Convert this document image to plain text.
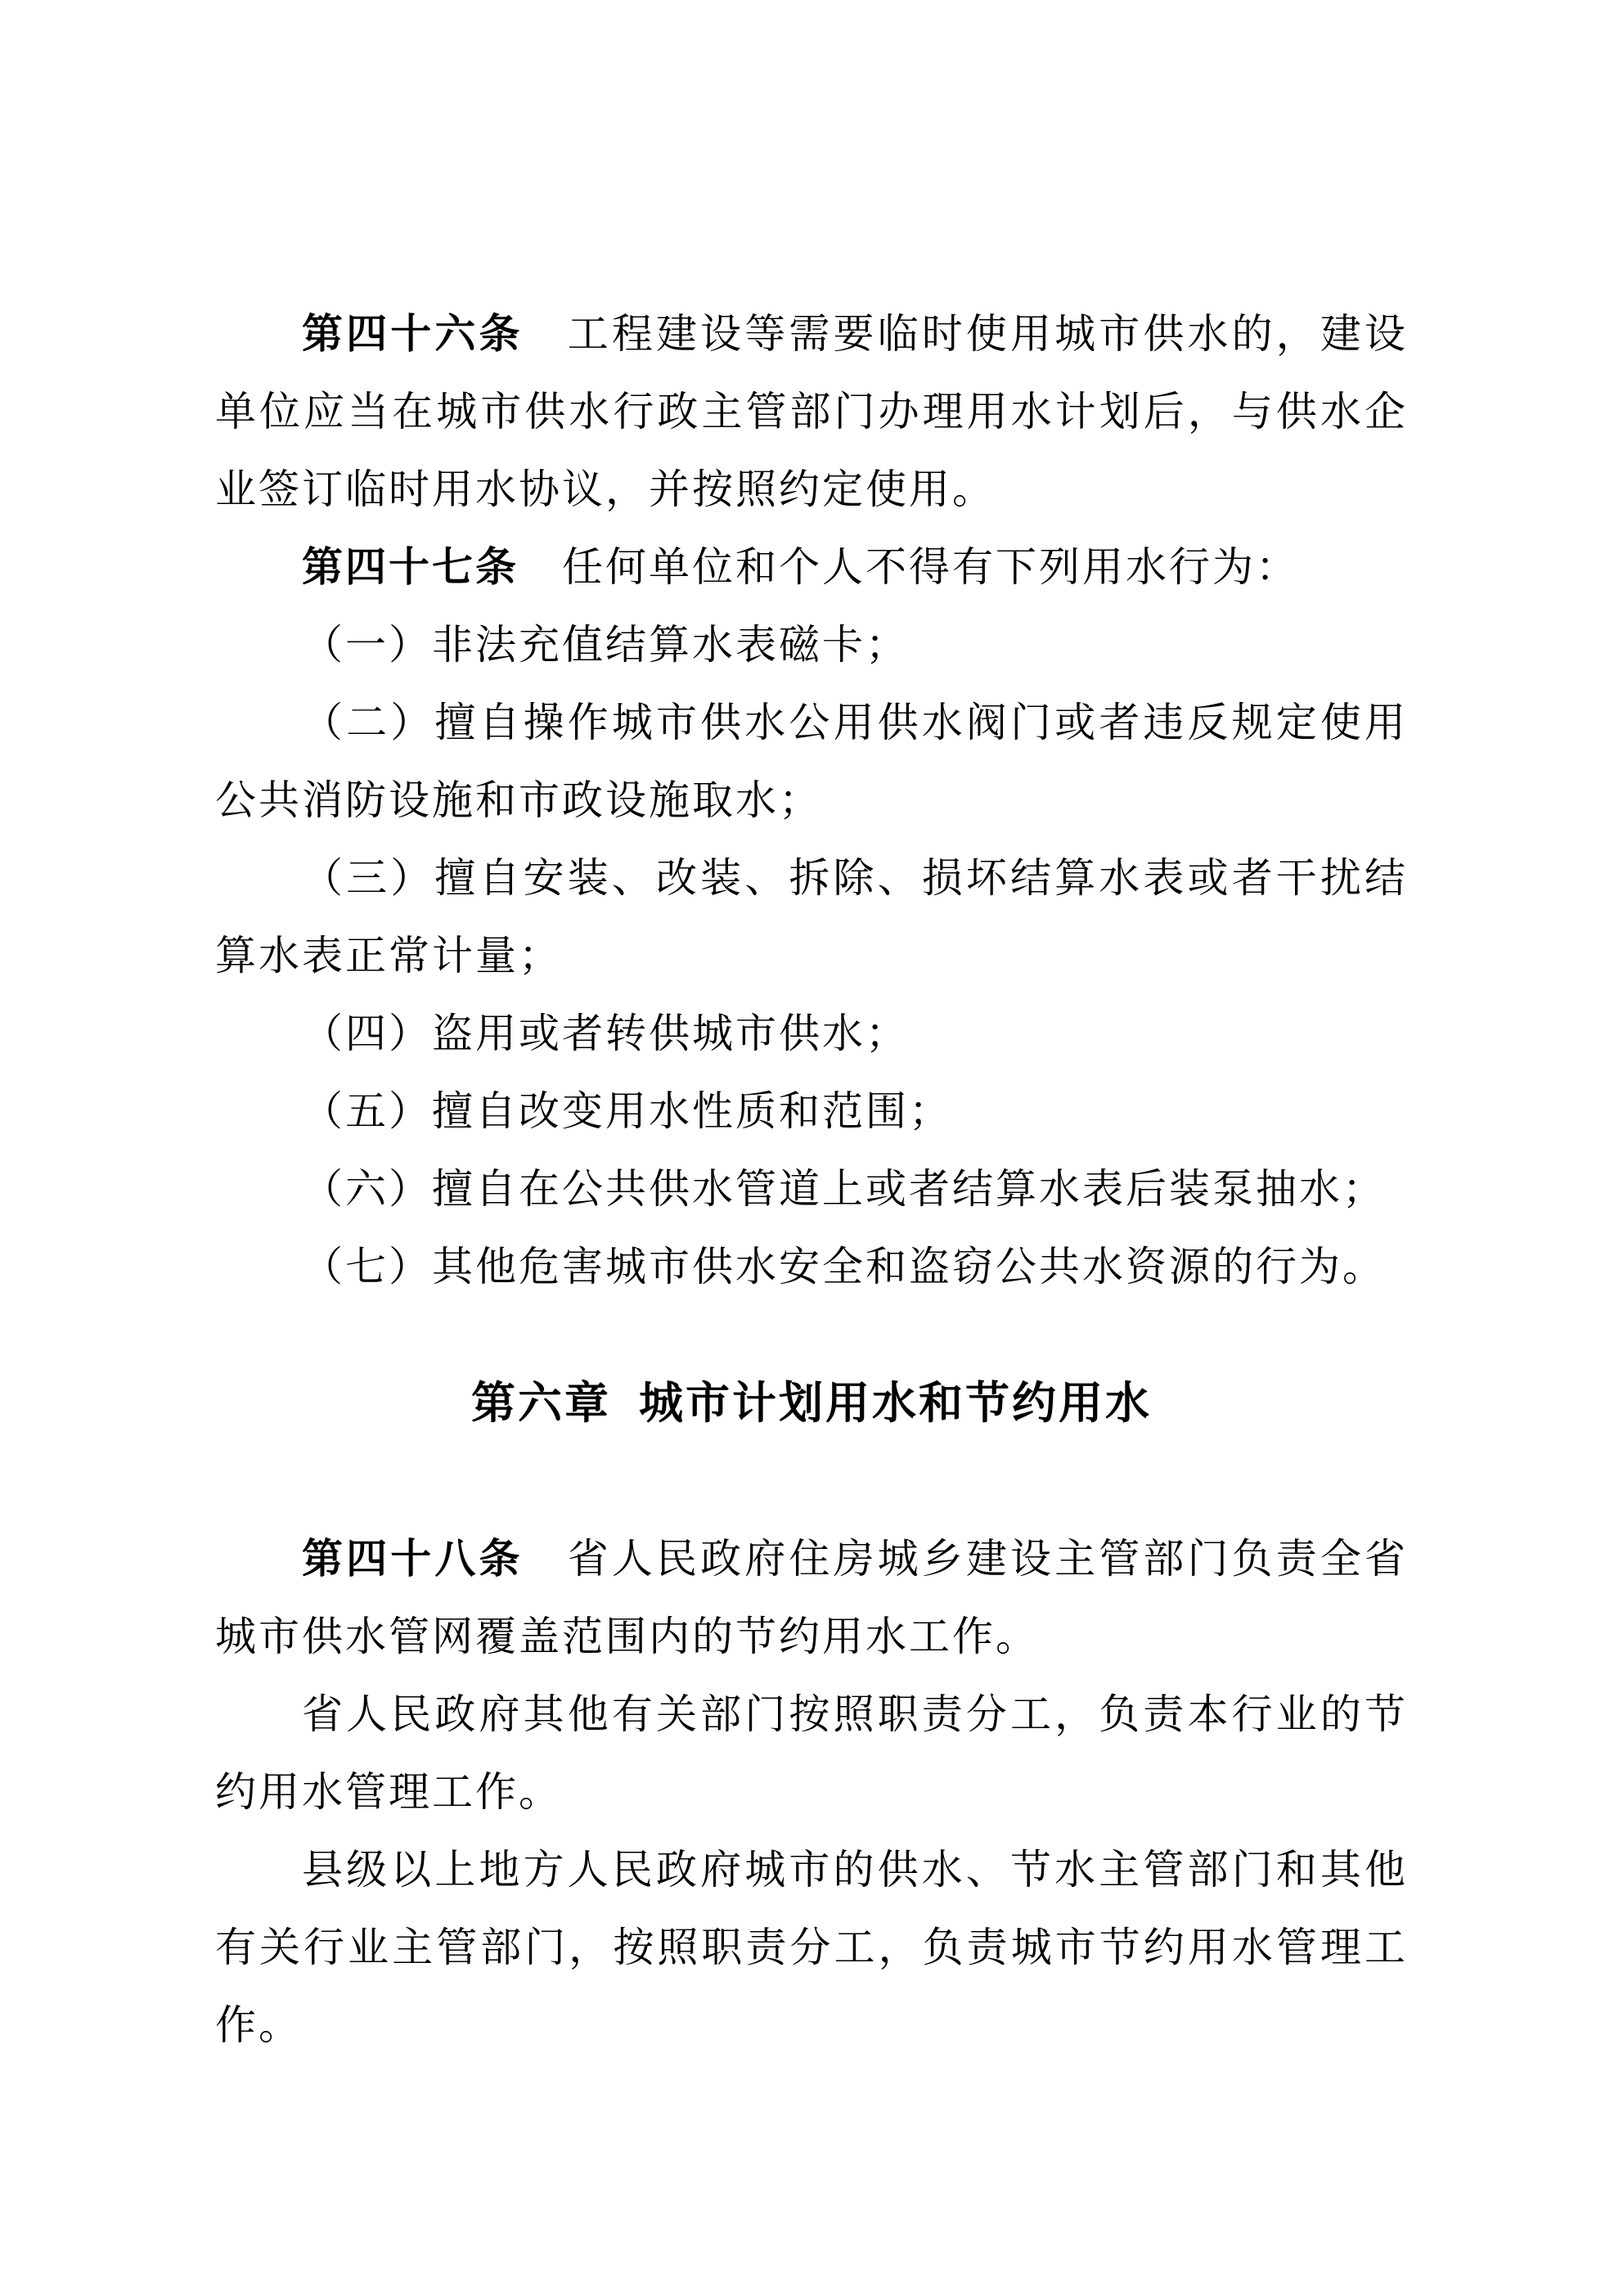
第四十六条　工程建设等需要临时使用城市供水的，建设
单位应当在城市供水行政主管部门办理用水计划后，与供水企
业签订临时用水协议，并按照约定使用。
第四十七条　任何单位和个人不得有下列用水行为：
（一）非法充值结算水表磁卡；
（二）擅自操作城市供水公用供水阀门或者违反规定使用
公共消防设施和市政设施取水；
（三）擅自安装、改装、拆除、损坏结算水表或者干扰结
算水表正常计量；
（四）盗用或者转供城市供水；
（五）擅自改变用水性质和范围；
（六）擅自在公共供水管道上或者结算水表后装泵抽水；
（七）其他危害城市供水安全和盗窃公共水资源的行为。
第六章 城市计划用水和节约用水
第四十八条　省人民政府住房城乡建设主管部门负责全省
城市供水管网覆盖范围内的节约用水工作。
省人民政府其他有关部门按照职责分工，负责本行业的节
约用水管理工作。
县级以上地方人民政府城市的供水、节水主管部门和其他
有关行业主管部门，按照职责分工，负责城市节约用水管理工
作。
